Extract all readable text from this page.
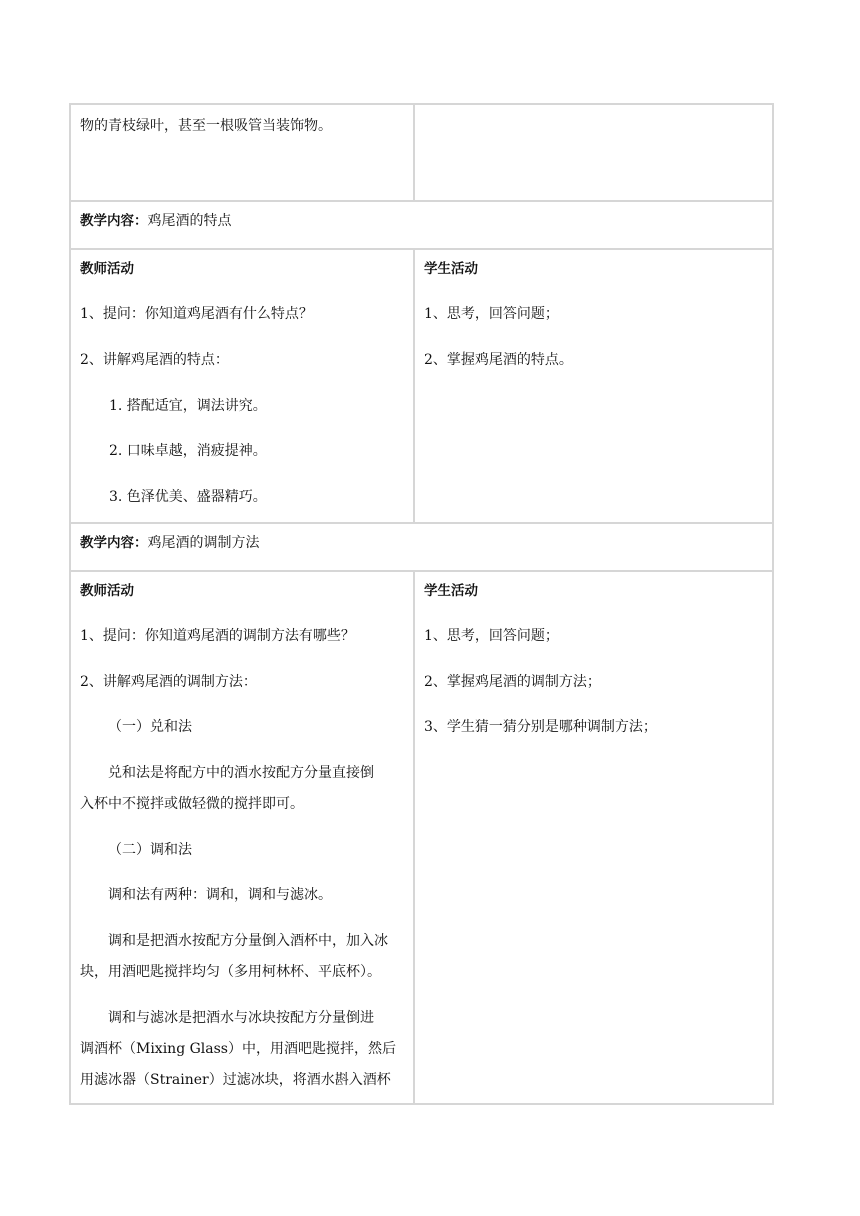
物的青枝绿叶，甚至一根吸管当装饰物。
教学内容：鸡尾酒的特点
教师活动
1、提问：你知道鸡尾酒有什么特点？
2、讲解鸡尾酒的特点：
1. 搭配适宜，调法讲究。
2. 口味卓越，消疲提神。
3. 色泽优美、盛器精巧。
学生活动
1、思考，回答问题；
2、掌握鸡尾酒的特点。
教学内容：鸡尾酒的调制方法
教师活动
1、提问：你知道鸡尾酒的调制方法有哪些？
2、讲解鸡尾酒的调制方法：
（一）兑和法
兑和法是将配方中的酒水按配方分量直接倒
入杯中不搅拌或做轻微的搅拌即可。
（二）调和法
调和法有两种：调和，调和与滤冰。
调和是把酒水按配方分量倒入酒杯中，加入冰
块，用酒吧匙搅拌均匀（多用柯林杯、平底杯）。
调和与滤冰是把酒水与冰块按配方分量倒进
调酒杯（Mixing Glass）中，用酒吧匙搅拌，然后
用滤冰器（Strainer）过滤冰块，将酒水斟入酒杯
学生活动
1、思考，回答问题；
2、掌握鸡尾酒的调制方法；
3、学生猜一猜分别是哪种调制方法；
